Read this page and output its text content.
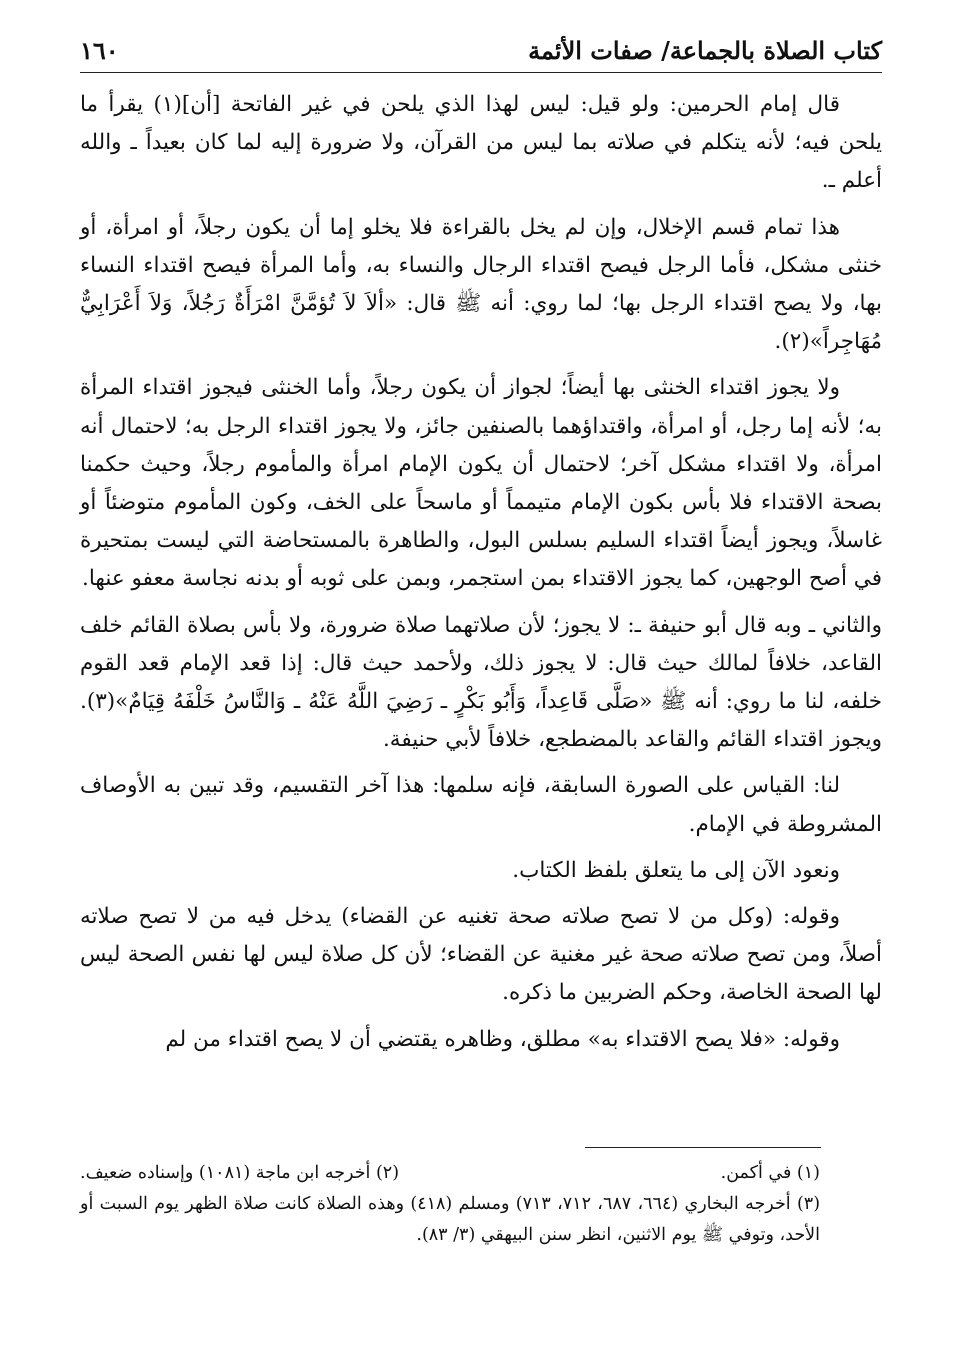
كتاب الصلاة بالجماعة/ صفات الأئمة
١٦٠

قال إمام الحرمين: ولو قيل: ليس لهذا الذي يلحن في غير الفاتحة [أن](١) يقرأ ما يلحن فيه؛ لأنه يتكلم في صلاته بما ليس من القرآن، ولا ضرورة إليه لما كان بعيداً ـ والله أعلم ـ.

هذا تمام قسم الإخلال، وإن لم يخل بالقراءة فلا يخلو إما أن يكون رجلاً، أو امرأة، أو خنثى مشكل، فأما الرجل فيصح اقتداء الرجال والنساء به، وأما المرأة فيصح اقتداء النساء بها، ولا يصح اقتداء الرجل بها؛ لما روي: أنه ﷺ قال: «ألاَ لاَ تُؤمَّنَّ امْرَأَةٌ رَجُلاً، وَلاَ أَعْرَابِيٌّ مُهَاجِراً»(٢).

ولا يجوز اقتداء الخنثى بها أيضاً؛ لجواز أن يكون رجلاً، وأما الخنثى فيجوز اقتداء المرأة به؛ لأنه إما رجل، أو امرأة، واقتداؤهما بالصنفين جائز، ولا يجوز اقتداء الرجل به؛ لاحتمال أنه امرأة، ولا اقتداء مشكل آخر؛ لاحتمال أن يكون الإمام امرأة والمأموم رجلاً، وحيث حكمنا بصحة الاقتداء فلا بأس بكون الإمام متيمماً أو ماسحاً على الخف، وكون المأموم متوضئاً أو غاسلاً، ويجوز أيضاً اقتداء السليم بسلس البول، والطاهرة بالمستحاضة التي ليست بمتحيرة في أصح الوجهين، كما يجوز الاقتداء بمن استجمر، وبمن على ثوبه أو بدنه نجاسة معفو عنها.

والثاني ـ وبه قال أبو حنيفة ـ: لا يجوز؛ لأن صلاتهما صلاة ضرورة، ولا بأس بصلاة القائم خلف القاعد، خلافاً لمالك حيث قال: لا يجوز ذلك، ولأحمد حيث قال: إذا قعد الإمام قعد القوم خلفه، لنا ما روي: أنه ﷺ «صَلَّى قَاعِداً، وَأَبُو بَكْرٍ ـ رَضِيَ اللَّهُ عَنْهُ ـ وَالنَّاسُ خَلْفَهُ قِيَامٌ»(٣). ويجوز اقتداء القائم والقاعد بالمضطجع، خلافاً لأبي حنيفة.

لنا: القياس على الصورة السابقة، فإنه سلمها: هذا آخر التقسيم، وقد تبين به الأوصاف المشروطة في الإمام.

ونعود الآن إلى ما يتعلق بلفظ الكتاب.

وقوله: (وكل من لا تصح صلاته صحة تغنيه عن القضاء) يدخل فيه من لا تصح صلاته أصلاً، ومن تصح صلاته صحة غير مغنية عن القضاء؛ لأن كل صلاة ليس لها نفس الصحة ليس لها الصحة الخاصة، وحكم الضربين ما ذكره.

وقوله: «فلا يصح الاقتداء به» مطلق، وظاهره يقتضي أن لا يصح اقتداء من لم

(١) في أكمن.
(٢) أخرجه ابن ماجة (١٠٨١) وإسناده ضعيف.
(٣) أخرجه البخاري (٦٦٤، ٦٨٧، ٧١٢، ٧١٣) ومسلم (٤١٨) وهذه الصلاة كانت صلاة الظهر يوم السبت أو الأحد، وتوفي ﷺ يوم الاثنين، انظر سنن البيهقي (٣/ ٨٣).
